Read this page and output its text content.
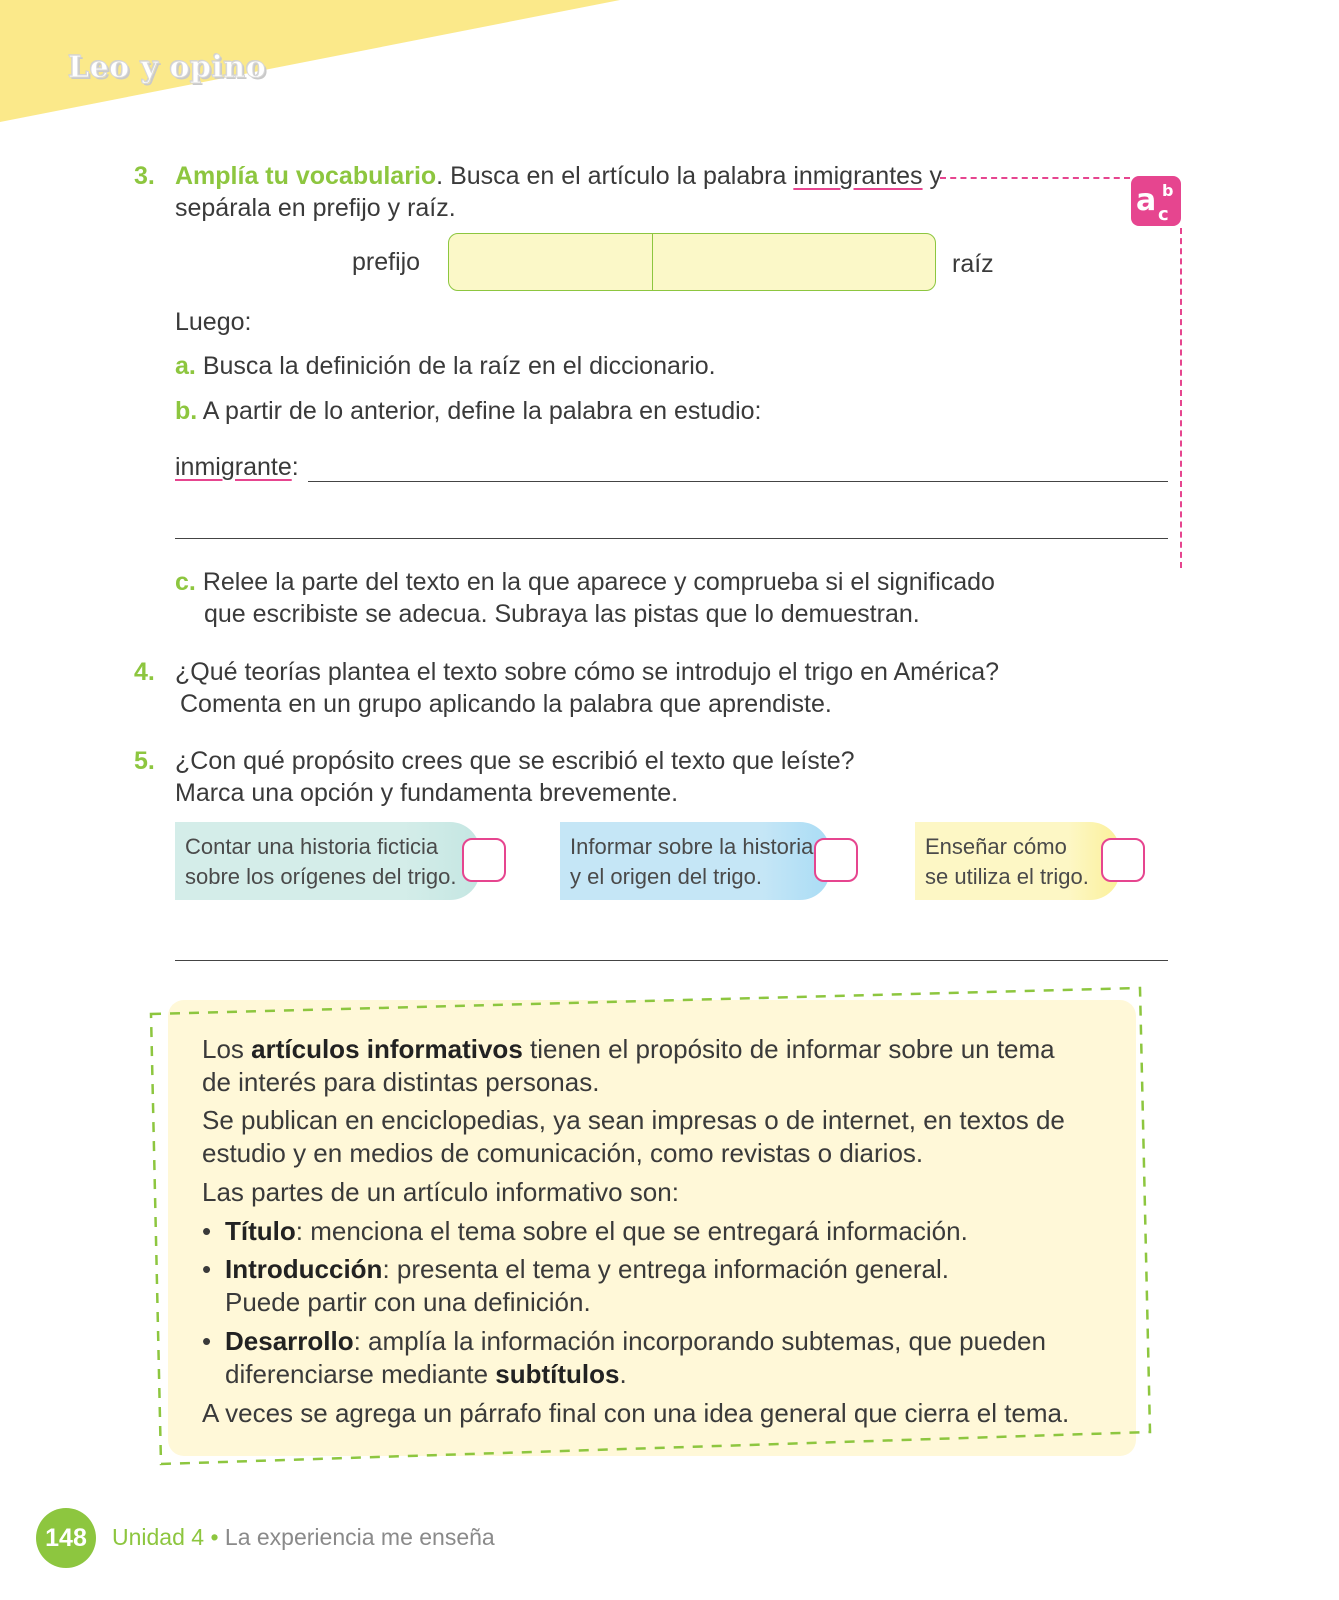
Leo y opino
3. Amplía tu vocabulario. Busca en el artículo la palabra inmigrantes y
sepárala en prefijo y raíz.	a b
c
prefijo	raíz
Luego:
a. Busca la definición de la raíz en el diccionario.
b. A partir de lo anterior, define la palabra en estudio:
inmigrante:
c. Relee la parte del texto en la que aparece y comprueba si el significado
que escribiste se adecua. Subraya las pistas que lo demuestran.
4. ¿Qué teorías plantea el texto sobre cómo se introdujo el trigo en América?
Comenta en un grupo aplicando la palabra que aprendiste.
5. ¿Con qué propósito crees que se escribió el texto que leíste?
Marca una opción y fundamenta brevemente.
Contar una historia ficticia
sobre los orígenes del trigo.
Informar sobre la historia
y el origen del trigo.
Enseñar cómo
se utiliza el trigo.
Los artículos informativos tienen el propósito de informar sobre un tema
de interés para distintas personas.
Se publican en enciclopedias, ya sean impresas o de internet, en textos de
estudio y en medios de comunicación, como revistas o diarios.
Las partes de un artículo informativo son:
• Título: menciona el tema sobre el que se entregará información.
• Introducción: presenta el tema y entrega información general.
Puede partir con una definición.
• Desarrollo: amplía la información incorporando subtemas, que pueden
diferenciarse mediante subtítulos.
A veces se agrega un párrafo final con una idea general que cierra el tema.
148	Unidad 4 • La experiencia me enseña
